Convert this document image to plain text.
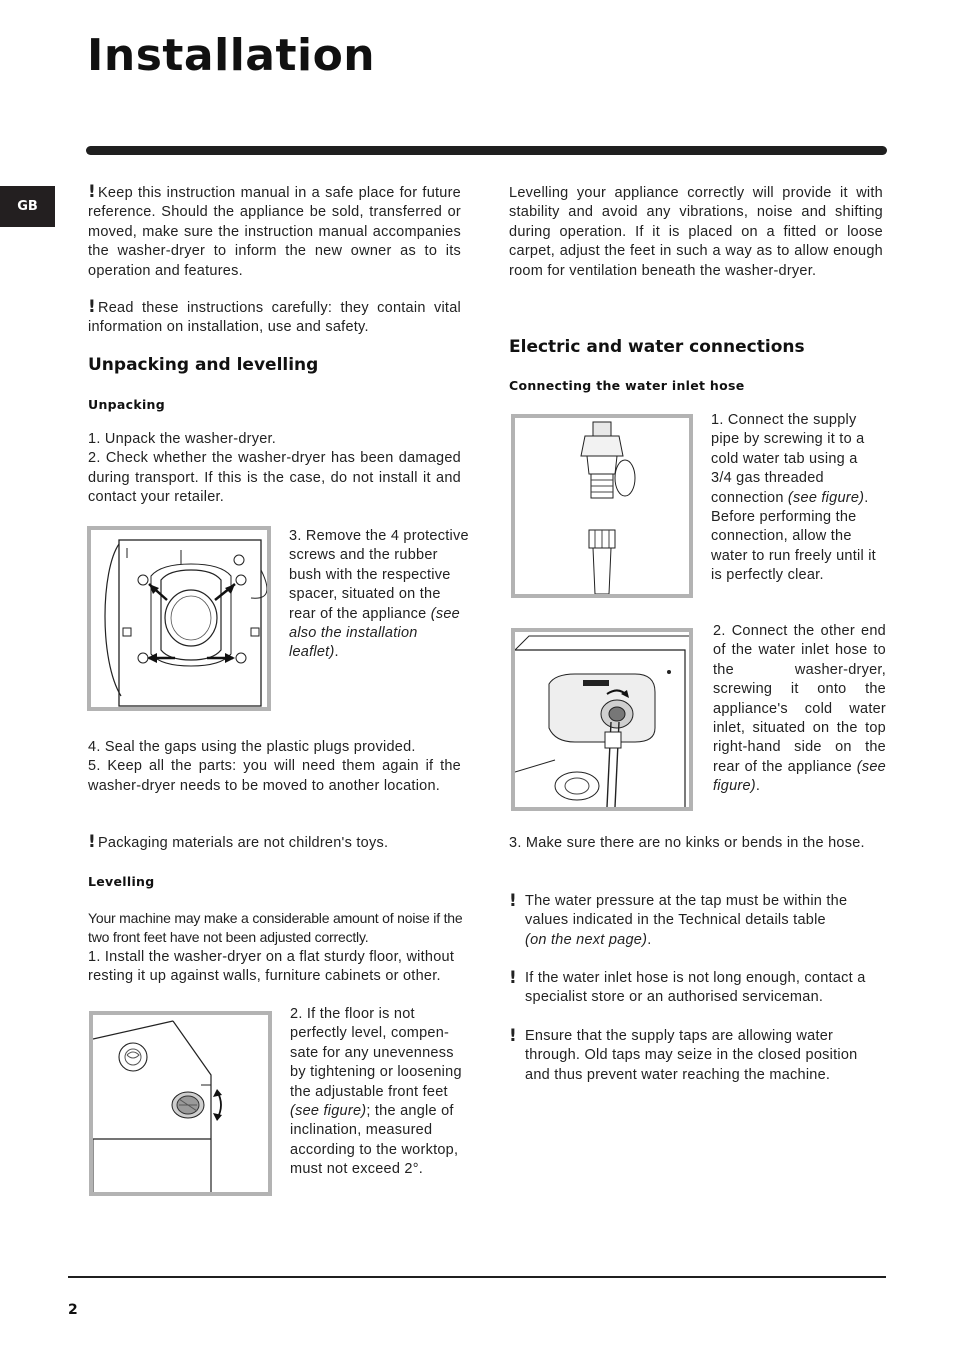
Installation
GB
! Keep this instruction manual in a safe place for future reference. Should the appliance be sold, transferred or moved, make sure the instruction manual accompanies the washer-dryer to inform the new owner as to its operation and features.
! Read these instructions carefully: they contain vital information on installation, use and safety.
Unpacking and levelling
Unpacking

1. Unpack the washer-dryer.

2. Check whether the washer-dryer has been damaged during transport. If this is the case, do not install it and contact your retailer.

3. Remove the 4 protective screws and the rubber bush with the respective spacer, situated on the rear of the appliance (see also the installation leaflet).

4. Seal the gaps using the plastic plugs provided.

5. Keep all the parts: you will need them again if the washer-dryer needs to be moved to another location.

! Packaging materials are not children's toys.
Levelling
Your machine may make a considerable amount of noise if the two front feet have not been adjusted correctly.
1. Install the washer-dryer on a flat sturdy floor, without resting it up against walls, furniture cabinets or other.
2. If the floor is not perfectly level, compen-sate for any unevenness by tightening or loosening the adjustable front feet (see figure); the angle of inclination, measured according to the worktop, must not exceed 2°.
Levelling your appliance correctly will provide it with stability and avoid any vibrations, noise and shifting during operation. If it is placed on a fitted or loose carpet, adjust the feet in such a way as to allow enough room for ventilation beneath the washer-dryer.
Electric and water connections
Connecting the water inlet hose
1. Connect the supply pipe by screwing it to a cold water tab using a 3/4 gas threaded connection (see figure). Before performing the connection, allow the water to run freely until it is perfectly clear.
2. Connect the other end of the water inlet hose to the washer-dryer, screwing it onto the appliance's cold water inlet, situated on the top right-hand side on the rear of the appliance (see figure).
3. Make sure there are no kinks or bends in the hose.
! The water pressure at the tap must be within the values indicated in the Technical details table
(on the next page).
! If the water inlet hose is not long enough, contact a specialist store or an authorised serviceman.
! Ensure that the supply taps are allowing water through. Old taps may seize in the closed position and thus prevent water reaching the machine.
2
